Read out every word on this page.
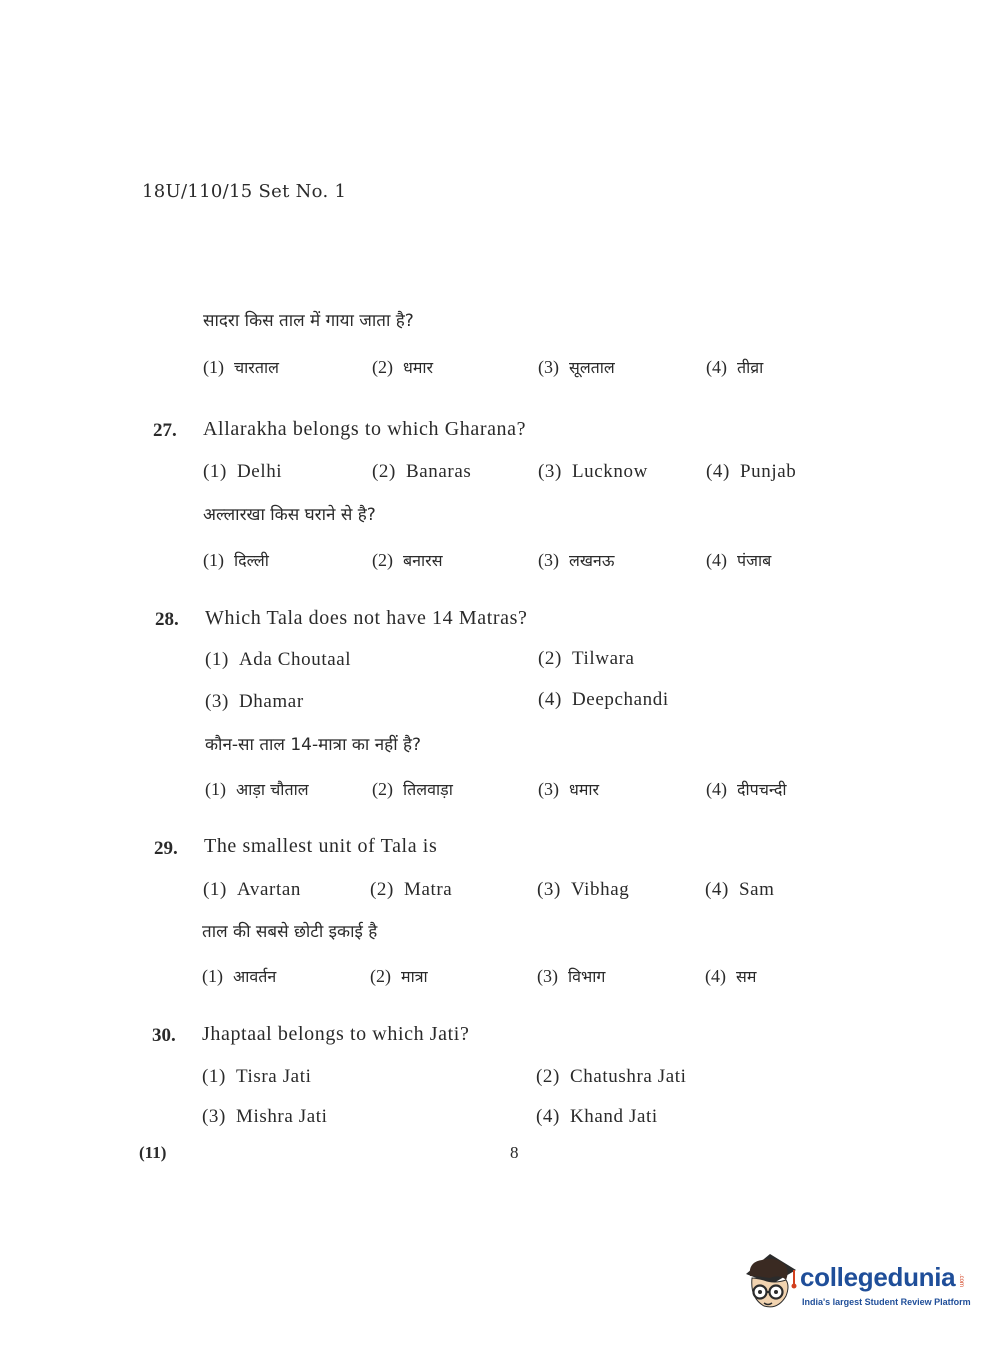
18U/110/15 Set No. 1
सादरा किस ताल में गाया जाता है?
(1) चारताल	(2) धमार	(3) सूलताल	(4) तीव्रा
27. Allarakha belongs to which Gharana?
(1) Delhi	(2) Banaras	(3) Lucknow	(4) Punjab
अल्लारखा किस घराने से है?
(1) दिल्ली	(2) बनारस	(3) लखनऊ	(4) पंजाब
28. Which Tala does not have 14 Matras?
(1) Ada Choutaal	(2) Tilwara
(3) Dhamar	(4) Deepchandi
कौन-सा ताल 14-मात्रा का नहीं है?
(1) आड़ा चौताल	(2) तिलवाड़ा	(3) धमार	(4) दीपचन्दी
29. The smallest unit of Tala is
(1) Avartan	(2) Matra	(3) Vibhag	(4) Sam
ताल की सबसे छोटी इकाई है
(1) आवर्तन	(2) मात्रा	(3) विभाग	(4) सम
30. Jhaptaal belongs to which Jati?
(1) Tisra Jati	(2) Chatushra Jati
(3) Mishra Jati	(4) Khand Jati
(11)	8
collegedunia .com
India's largest Student Review Platform
